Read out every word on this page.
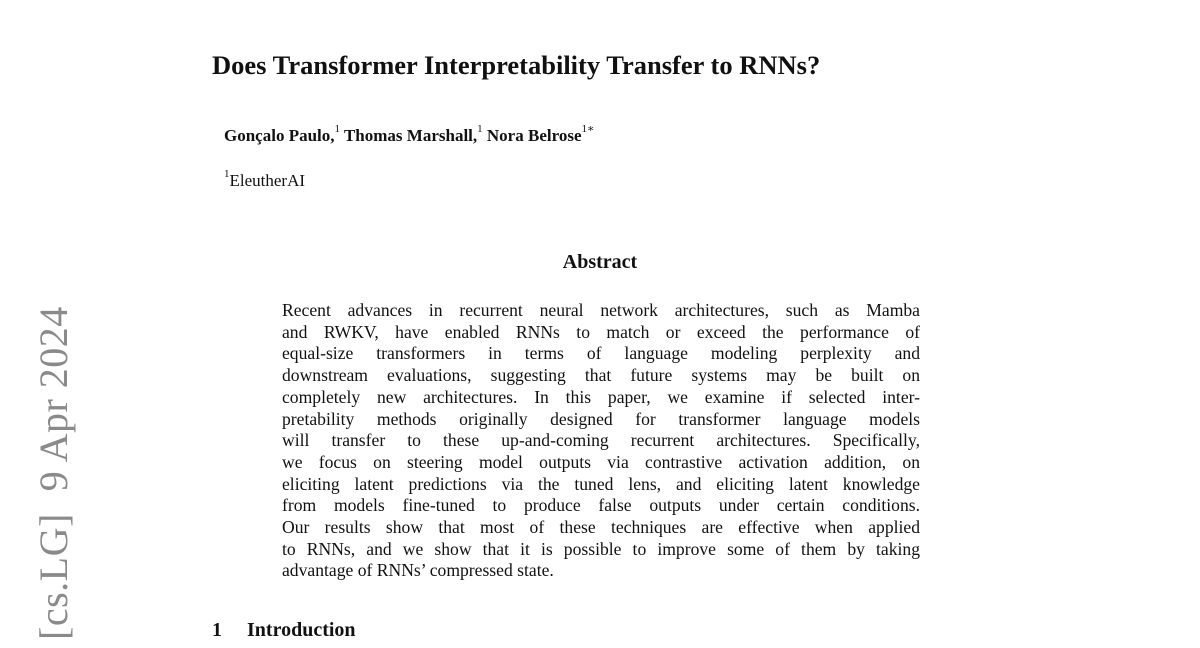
[cs.LG]9 Apr 2024
Does Transformer Interpretability Transfer to RNNs?
Gonçalo Paulo,$^1$ Thomas Marshall,$^1$ Nora Belrose$^{1∗}$
$^1$EleutherAI
Abstract
Recent advances in recurrent neural network architectures, such as Mamba
and RWKV, have enabled RNNs to match or exceed the performance of
equal-size transformers in terms of language modeling perplexity and
downstream evaluations, suggesting that future systems may be built on
completely new architectures. In this paper, we examine if selected inter-
pretability methods originally designed for transformer language models
will transfer to these up-and-coming recurrent architectures. Specifically,
we focus on steering model outputs via contrastive activation addition, on
eliciting latent predictions via the tuned lens, and eliciting latent knowledge
from models fine-tuned to produce false outputs under certain conditions.
Our results show that most of these techniques are effective when applied
to RNNs, and we show that it is possible to improve some of them by taking
advantage of RNNs’ compressed state.
1 Introduction
